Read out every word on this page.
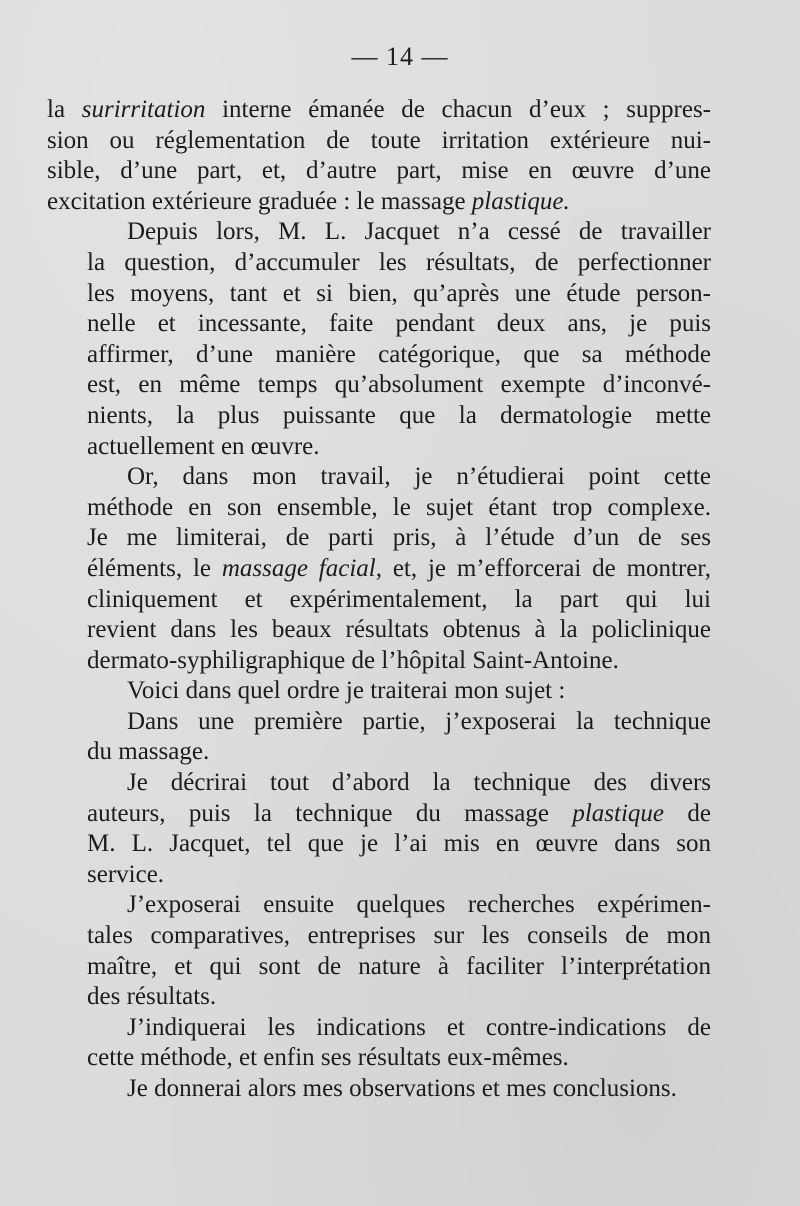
— 14 —
la surirritation interne émanée de chacun d’eux ; suppres-
sion ou réglementation de toute irritation extérieure nui-
sible, d’une part, et, d’autre part, mise en œuvre d’une
excitation extérieure graduée : le massage plastique.
Depuis lors, M. L. Jacquet n’a cessé de travailler
la question, d’accumuler les résultats, de perfectionner
les moyens, tant et si bien, qu’après une étude person-
nelle et incessante, faite pendant deux ans, je puis
affirmer, d’une manière catégorique, que sa méthode
est, en même temps qu’absolument exempte d’inconvé-
nients, la plus puissante que la dermatologie mette
actuellement en œuvre.
Or, dans mon travail, je n’étudierai point cette
méthode en son ensemble, le sujet étant trop complexe.
Je me limiterai, de parti pris, à l’étude d’un de ses
éléments, le massage facial, et, je m’efforcerai de montrer,
cliniquement et expérimentalement, la part qui lui
revient dans les beaux résultats obtenus à la policlinique
dermato-syphiligraphique de l’hôpital Saint-Antoine.
Voici dans quel ordre je traiterai mon sujet :
Dans une première partie, j’exposerai la technique
du massage.
Je décrirai tout d’abord la technique des divers
auteurs, puis la technique du massage plastique de
M. L. Jacquet, tel que je l’ai mis en œuvre dans son
service.
J’exposerai ensuite quelques recherches expérimen-
tales comparatives, entreprises sur les conseils de mon
maître, et qui sont de nature à faciliter l’interprétation
des résultats.
J’indiquerai les indications et contre-indications de
cette méthode, et enfin ses résultats eux-mêmes.
Je donnerai alors mes observations et mes conclusions.
